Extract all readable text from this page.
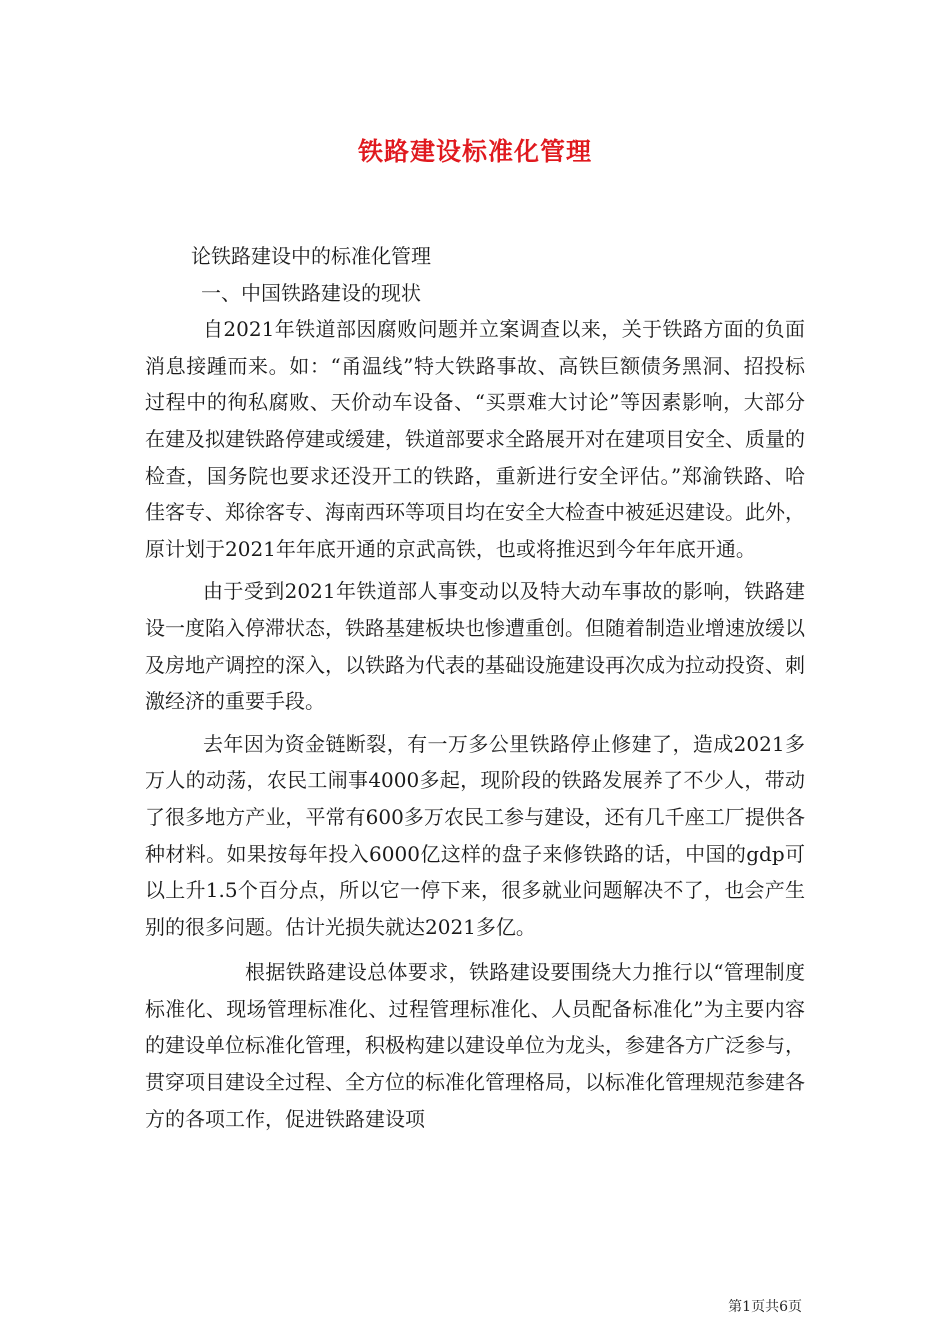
铁路建设标准化管理

论铁路建设中的标准化管理

一、中国铁路建设的现状

自2021年铁道部因腐败问题并立案调查以来，关于铁路方面的负面消息接踵而来。如：“甬温线”特大铁路事故、高铁巨额债务黑洞、招投标过程中的徇私腐败、天价动车设备、“买票难大讨论”等因素影响，大部分在建及拟建铁路停建或缓建，铁道部要求全路展开对在建项目安全、质量的检查，国务院也要求还没开工的铁路，重新进行安全评估。”郑渝铁路、哈佳客专、郑徐客专、海南西环等项目均在安全大检查中被延迟建设。此外，原计划于2021年年底开通的京武高铁，也或将推迟到今年年底开通。

由于受到2021年铁道部人事变动以及特大动车事故的影响，铁路建设一度陷入停滞状态，铁路基建板块也惨遭重创。但随着制造业增速放缓以及房地产调控的深入，以铁路为代表的基础设施建设再次成为拉动投资、刺激经济的重要手段。

去年因为资金链断裂，有一万多公里铁路停止修建了，造成2021多万人的动荡，农民工闹事4000多起，现阶段的铁路发展养了不少人，带动了很多地方产业，平常有600多万农民工参与建设，还有几千座工厂提供各种材料。如果按每年投入6000亿这样的盘子来修铁路的话，中国的gdp可以上升1.5个百分点，所以它一停下来，很多就业问题解决不了，也会产生别的很多问题。估计光损失就达2021多亿。

根据铁路建设总体要求，铁路建设要围绕大力推行以“管理制度标准化、现场管理标准化、过程管理标准化、人员配备标准化”为主要内容的建设单位标准化管理，积极构建以建设单位为龙头，参建各方广泛参与，贯穿项目建设全过程、全方位的标准化管理格局，以标准化管理规范参建各方的各项工作，促进铁路建设项

第1页共6页
